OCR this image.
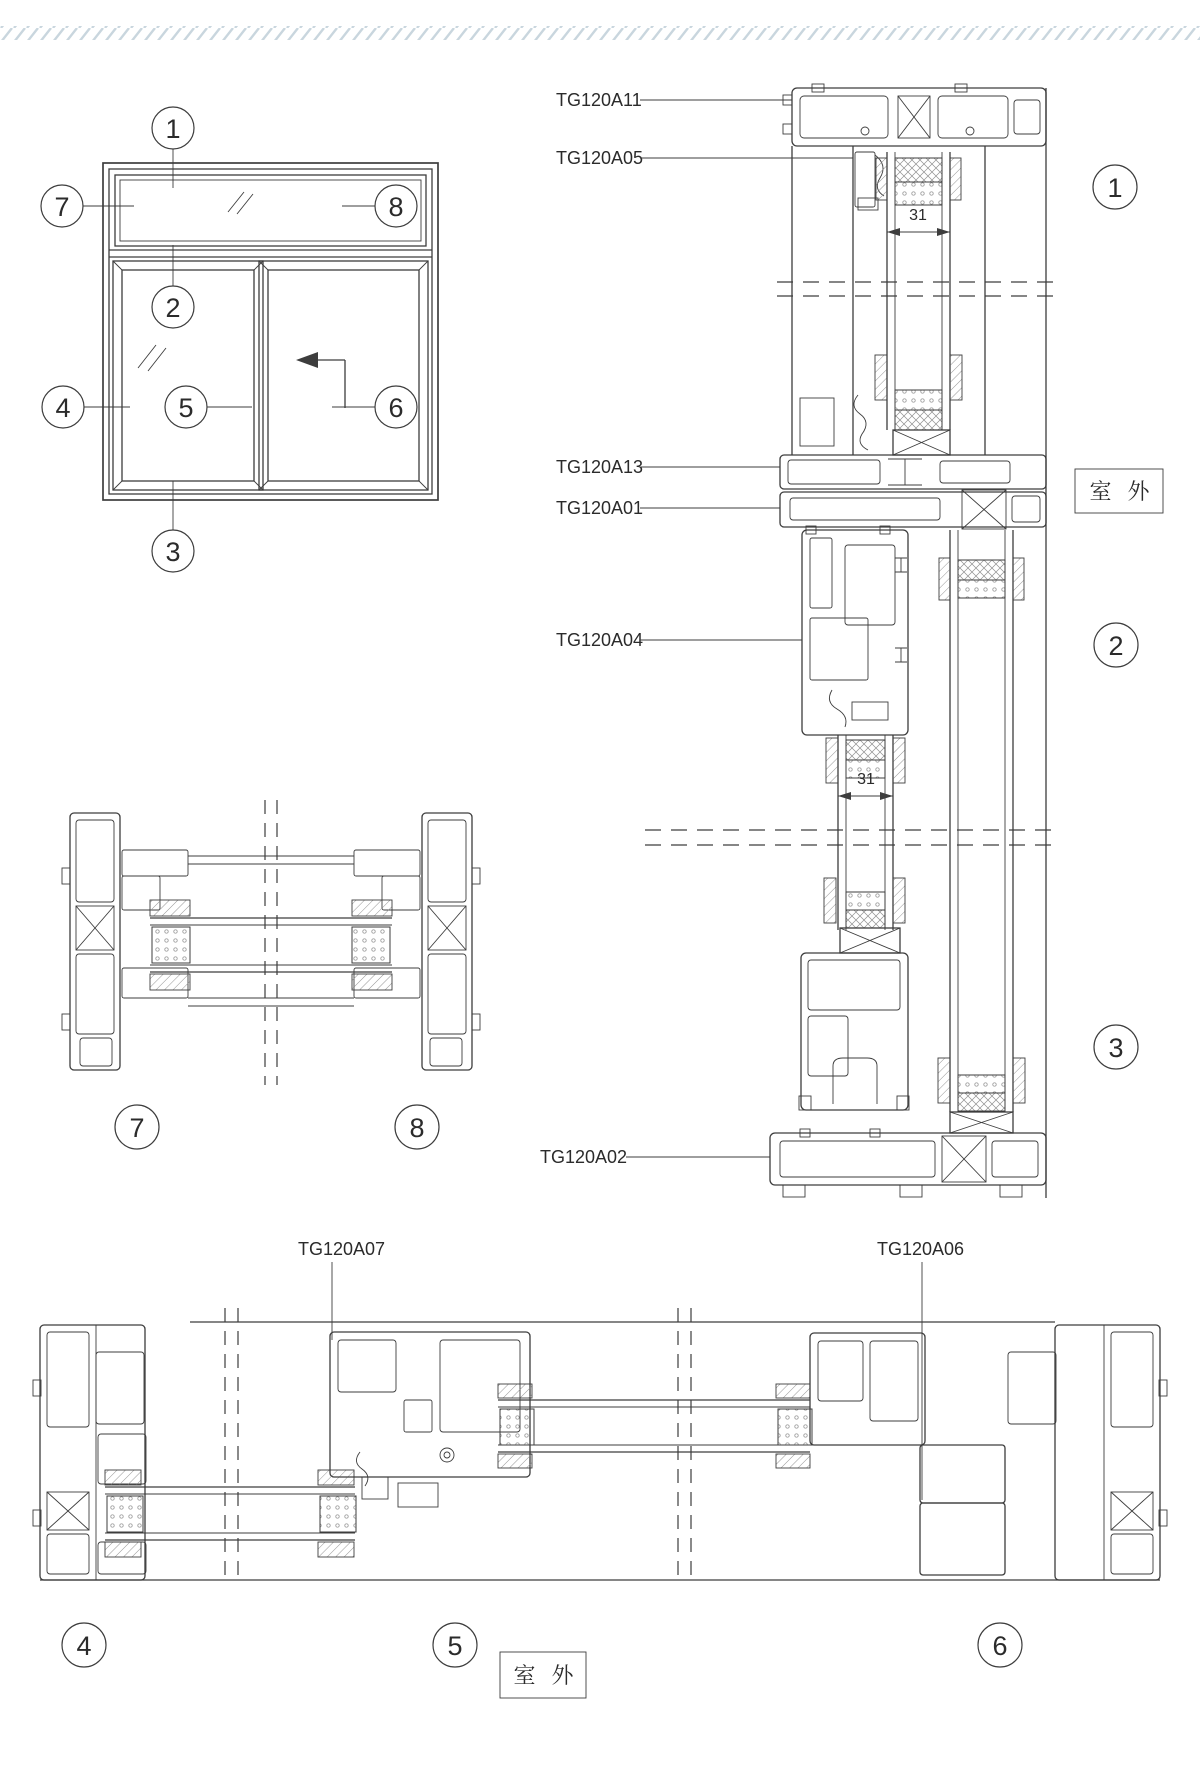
1
7	8
2
4	5	6
3
31
31
TG120A11
TG120A05
TG120A13
TG120A01
TG120A04
TG120A02
1
2
3
室 外
7	8
TG120A07	TG120A06
4	5	6
室 外
